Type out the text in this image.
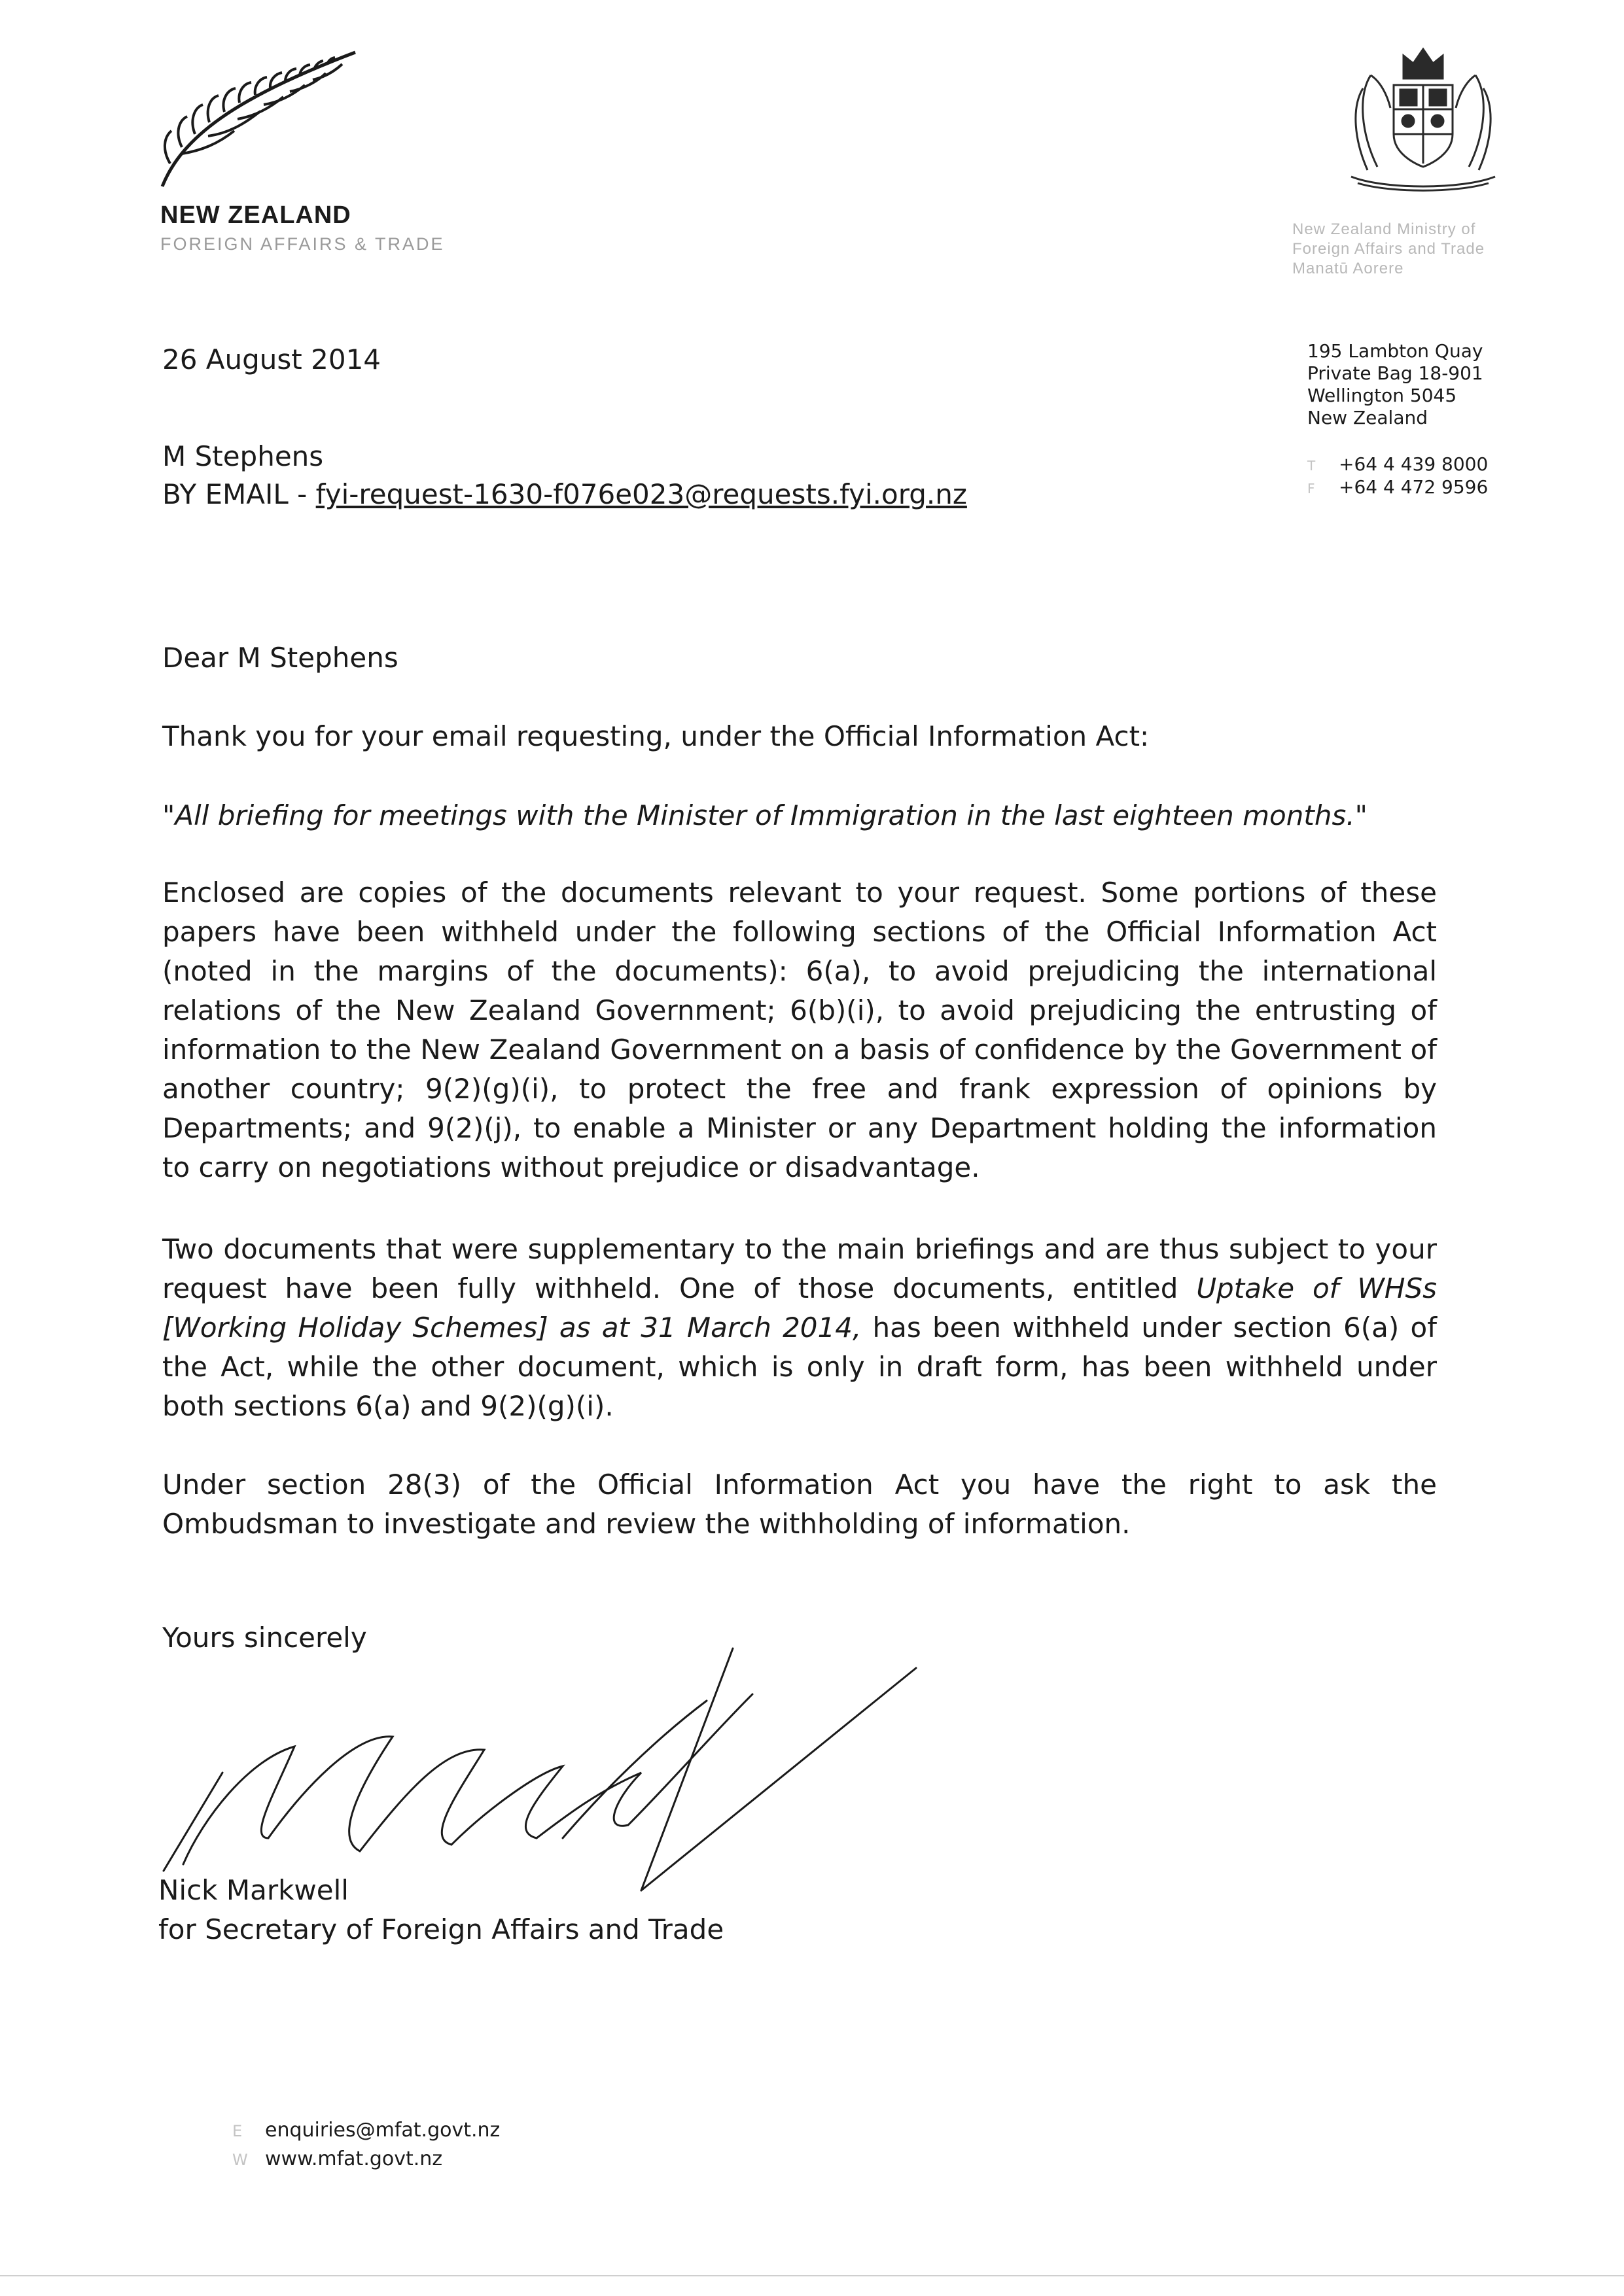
NEW ZEALAND
FOREIGN AFFAIRS & TRADE
New Zealand Ministry of
Foreign Affairs and Trade
Manatū Aorere
195 Lambton Quay
Private Bag 18-901
Wellington 5045
New Zealand
T +64 4 439 8000
F +64 4 472 9596
26 August 2014
M Stephens
BY EMAIL - fyi-request-1630-f076e023@requests.fyi.org.nz
Dear M Stephens
Thank you for your email requesting, under the Official Information Act:
"All briefing for meetings with the Minister of Immigration in the last eighteen months."
Enclosed are copies of the documents relevant to your request. Some portions of these papers have been withheld under the following sections of the Official Information Act (noted in the margins of the documents): 6(a), to avoid prejudicing the international relations of the New Zealand Government; 6(b)(i), to avoid prejudicing the entrusting of information to the New Zealand Government on a basis of confidence by the Government of another country; 9(2)(g)(i), to protect the free and frank expression of opinions by Departments; and 9(2)(j), to enable a Minister or any Department holding the information to carry on negotiations without prejudice or disadvantage.
Two documents that were supplementary to the main briefings and are thus subject to your request have been fully withheld. One of those documents, entitled Uptake of WHSs [Working Holiday Schemes] as at 31 March 2014, has been withheld under section 6(a) of the Act, while the other document, which is only in draft form, has been withheld under both sections 6(a) and 9(2)(g)(i).
Under section 28(3) of the Official Information Act you have the right to ask the Ombudsman to investigate and review the withholding of information.
Yours sincerely
Nick Markwell
for Secretary of Foreign Affairs and Trade
E enquiries@mfat.govt.nz
W www.mfat.govt.nz
